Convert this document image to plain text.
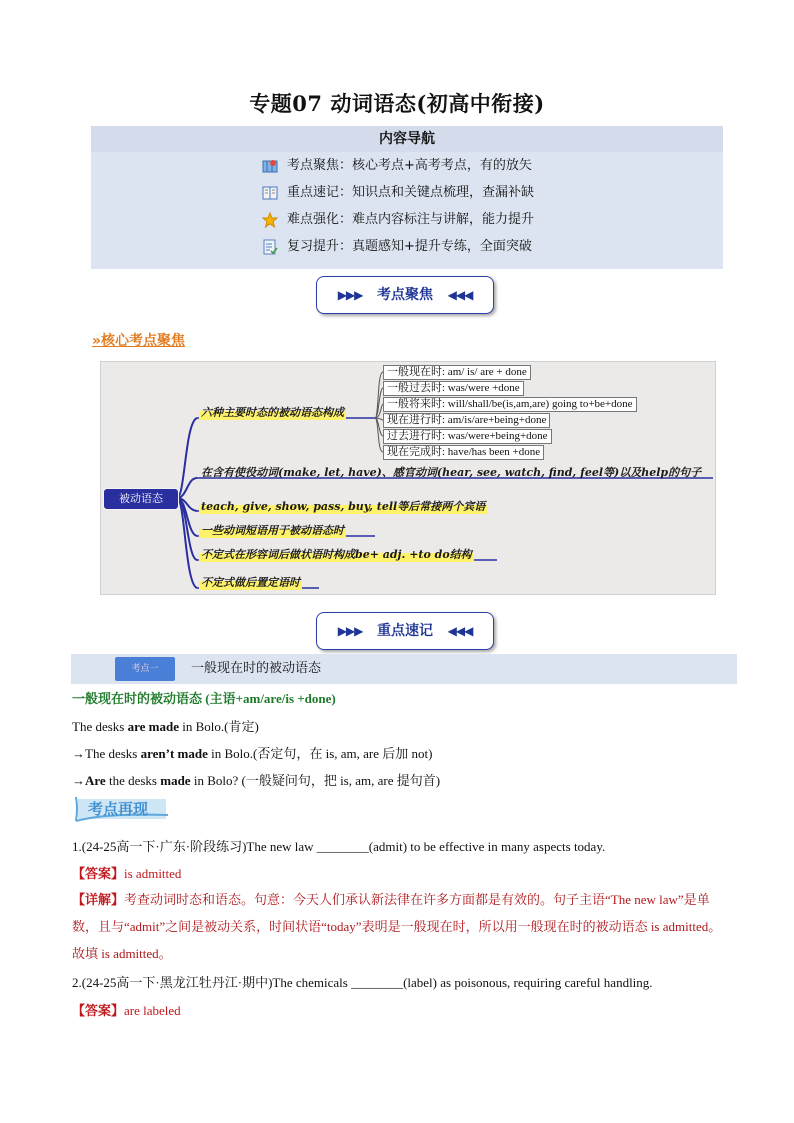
专题07 动词语态(初高中衔接)
内容导航
考点聚焦：核心考点+高考考点，有的放矢
重点速记：知识点和关键点梳理，查漏补缺
难点强化：难点内容标注与讲解，能力提升
复习提升：真题感知+提升专练，全面突破
▶▶▶ 考点聚焦 ◀◀◀
»核心考点聚焦
被动语态
六种主要时态的被动语态构成
在含有使役动词(make, let, have)、感官动词(hear, see, watch, find, feel等)以及help的句子
teach, give, show, pass, buy, tell等后常接两个宾语
一些动词短语用于被动语态时
不定式在形容词后做状语时构成be+ adj. +to do结构
不定式做后置定语时
一般现在时: am/ is/ are + done
一般过去时: was/were +done
一般将来时: will/shall/be(is,am,are) going to+be+done
现在进行时: am/is/are+being+done
过去进行时: was/were+being+done
现在完成时: have/has been +done
▶▶▶ 重点速记 ◀◀◀
考点一	一般现在时的被动语态
一般现在时的被动语态 (主语+am/are/is +done)
The desks are made in Bolo.(肯定)
→The desks aren’t made in Bolo.(否定句，在 is, am, are 后加 not)
→Are the desks made in Bolo? (一般疑问句，把 is, am, are 提句首)
考点再现
1.(24-25高一下·广东·阶段练习)The new law ________(admit) to be effective in many aspects today.
【答案】is admitted
【详解】考查动词时态和语态。句意：今天人们承认新法律在许多方面都是有效的。句子主语“The new law”是单数，且与“admit”之间是被动关系，时间状语“today”表明是一般现在时，所以用一般现在时的被动语态 is admitted。故填 is admitted。
2.(24-25高一下·黑龙江牡丹江·期中)The chemicals ________(label) as poisonous, requiring careful handling.
【答案】are labeled
